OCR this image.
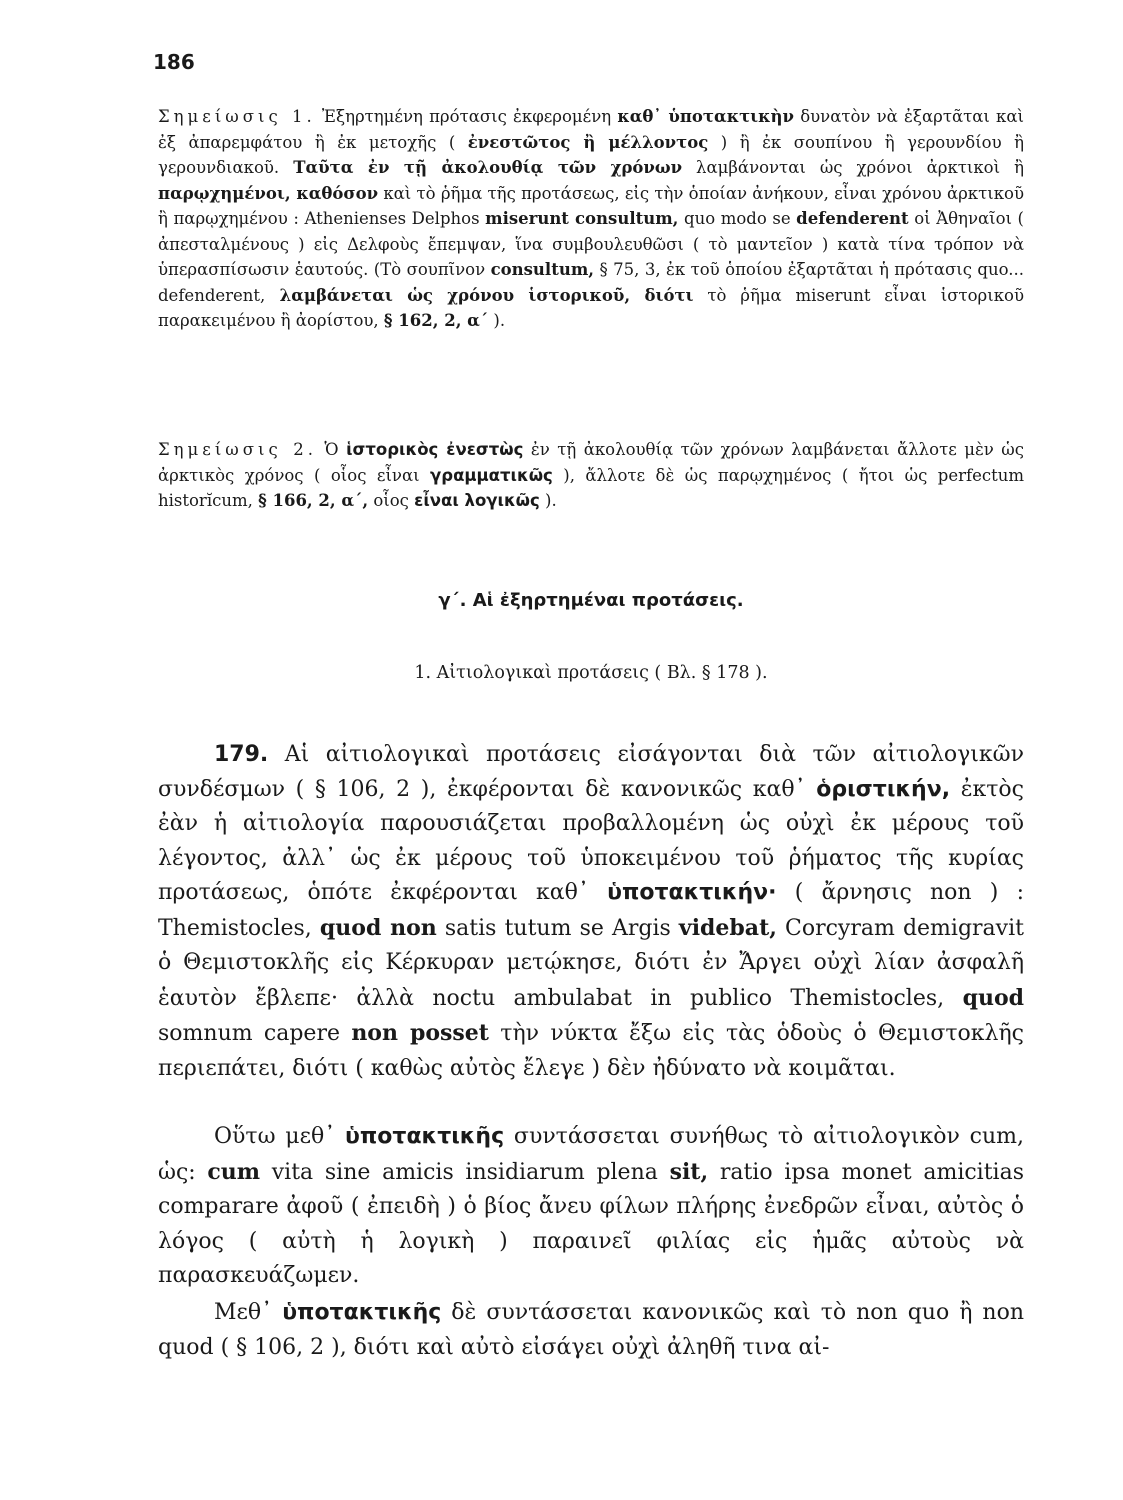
186
Σημείωσις 1. Ἐξηρτημένη πρότασις ἐκφερομένη καθ᾽ ὑποτακτικὴν δυνατὸν νὰ ἐξαρτᾶται καὶ ἐξ ἀπαρεμφάτου ἢ ἐκ μετοχῆς ( ἐνεστῶτος ἢ μέλλοντος ) ἢ ἐκ σουπίνου ἢ γερουνδίου ἢ γερουνδιακοῦ. Ταῦτα ἐν τῇ ἀκολουθίᾳ τῶν χρόνων λαμβάνονται ὡς χρόνοι ἀρκτικοὶ ἢ παρῳχημένοι, καθόσον καὶ τὸ ῥῆμα τῆς προτάσεως, εἰς τὴν ὁποίαν ἀνήκουν, εἶναι χρόνου ἀρκτικοῦ ἢ παρῳχημένου : Athenienses Delphos miserunt consultum, quo modo se defenderent οἱ Ἀθηναῖοι ( ἀπεσταλμένους ) εἰς Δελφοὺς ἔπεμψαν, ἵνα συμβουλευθῶσι ( τὸ μαντεῖον ) κατὰ τίνα τρόπον νὰ ὑπερασπίσωσιν ἑαυτούς. (Τὸ σουπῖνον consultum, § 75, 3, ἐκ τοῦ ὁποίου ἐξαρτᾶται ἡ πρότασις quo... defenderent, λαμβάνεται ὡς χρόνου ἱστορικοῦ, διότι τὸ ῥῆμα miserunt εἶναι ἱστορικοῦ παρακειμένου ἢ ἀορίστου, § 162, 2, α´ ).
Σημείωσις 2. Ὁ ἱστορικὸς ἐνεστὼς ἐν τῇ ἀκολουθίᾳ τῶν χρόνων λαμβάνεται ἄλλοτε μὲν ὡς ἀρκτικὸς χρόνος ( οἷος εἶναι γραμματικῶς ), ἄλλοτε δὲ ὡς παρῳχημένος ( ἤτοι ὡς perfectum historĭcum, § 166, 2, α´, οἷος εἶναι λογικῶς ).
γ´. Αἱ ἐξηρτημέναι προτάσεις.
1. Αἰτιολογικαὶ προτάσεις ( Βλ. § 178 ).
179. Αἱ αἰτιολογικαὶ προτάσεις εἰσάγονται διὰ τῶν αἰτιολογικῶν συνδέσμων ( § 106, 2 ), ἐκφέρονται δὲ κανονικῶς καθ᾽ ὁριστικήν, ἐκτὸς ἐὰν ἡ αἰτιολογία παρουσιάζεται προβαλλομένη ὡς οὐχὶ ἐκ μέρους τοῦ λέγοντος, ἀλλ᾽ ὡς ἐκ μέρους τοῦ ὑποκειμένου τοῦ ῥήματος τῆς κυρίας προτάσεως, ὁπότε ἐκφέρονται καθ᾽ ὑποτακτικήν· ( ἄρνησις non ) : Themistocles, quod non satis tutum se Argis videbat, Corcyram demigravit ὁ Θεμιστοκλῆς εἰς Κέρκυραν μετῴκησε, διότι ἐν Ἄργει οὐχὶ λίαν ἀσφαλῆ ἑαυτὸν ἔβλεπε· ἀλλὰ noctu ambulabat in publico Themistocles, quod somnum capere non posset τὴν νύκτα ἔξω εἰς τὰς ὁδοὺς ὁ Θεμιστοκλῆς περιεπάτει, διότι ( καθὼς αὐτὸς ἔλεγε ) δὲν ἠδύνατο νὰ κοιμᾶται.
Οὕτω μεθ᾽ ὑποτακτικῆς συντάσσεται συνήθως τὸ αἰτιολογικὸν cum, ὡς: cum vita sine amicis insidiarum plena sit, ratio ipsa monet amicitias comparare ἀφοῦ ( ἐπειδὴ ) ὁ βίος ἄνευ φίλων πλήρης ἐνεδρῶν εἶναι, αὐτὸς ὁ λόγος ( αὐτὴ ἡ λογικὴ ) παραινεῖ φιλίας εἰς ἡμᾶς αὐτοὺς νὰ παρασκευάζωμεν.
Μεθ᾽ ὑποτακτικῆς δὲ συντάσσεται κανονικῶς καὶ τὸ non quo ἢ non quod ( § 106, 2 ), διότι καὶ αὐτὸ εἰσάγει οὐχὶ ἀληθῆ τινα αἰ-
